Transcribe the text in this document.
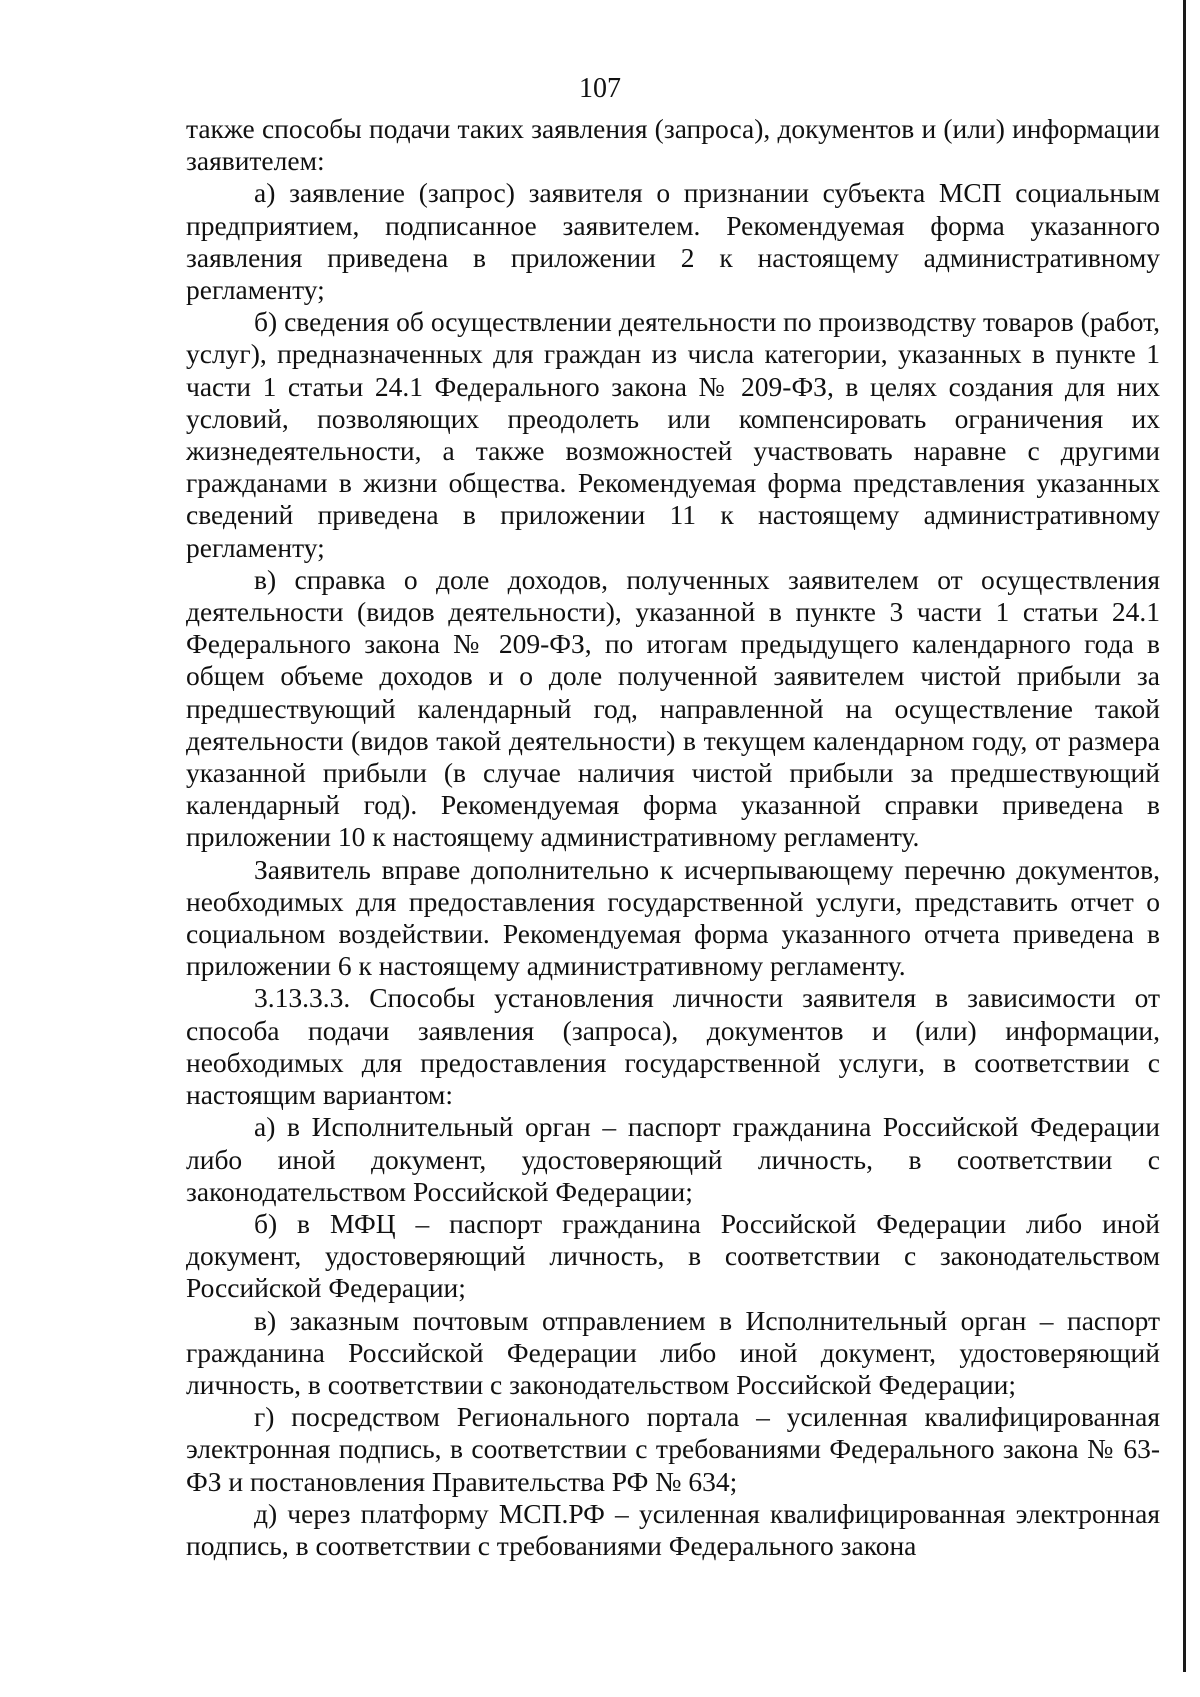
107

также способы подачи таких заявления (запроса), документов и (или) информации заявителем:

а) заявление (запрос) заявителя о признании субъекта МСП социальным предприятием, подписанное заявителем. Рекомендуемая форма указанного заявления приведена в приложении 2 к настоящему административному регламенту;

б) сведения об осуществлении деятельности по производству товаров (работ, услуг), предназначенных для граждан из числа категории, указанных в пункте 1 части 1 статьи 24.1 Федерального закона № 209-ФЗ, в целях создания для них условий, позволяющих преодолеть или компенсировать ограничения их жизнедеятельности, а также возможностей участвовать наравне с другими гражданами в жизни общества. Рекомендуемая форма представления указанных сведений приведена в приложении 11 к настоящему административному регламенту;

в) справка о доле доходов, полученных заявителем от осуществления деятельности (видов деятельности), указанной в пункте 3 части 1 статьи 24.1 Федерального закона № 209-ФЗ, по итогам предыдущего календарного года в общем объеме доходов и о доле полученной заявителем чистой прибыли за предшествующий календарный год, направленной на осуществление такой деятельности (видов такой деятельности) в текущем календарном году, от размера указанной прибыли (в случае наличия чистой прибыли за предшествующий календарный год). Рекомендуемая форма указанной справки приведена в приложении 10 к настоящему административному регламенту.

Заявитель вправе дополнительно к исчерпывающему перечню документов, необходимых для предоставления государственной услуги, представить отчет о социальном воздействии. Рекомендуемая форма указанного отчета приведена в приложении 6 к настоящему административному регламенту.

3.13.3.3. Способы установления личности заявителя в зависимости от способа подачи заявления (запроса), документов и (или) информации, необходимых для предоставления государственной услуги, в соответствии с настоящим вариантом:

а) в Исполнительный орган – паспорт гражданина Российской Федерации либо иной документ, удостоверяющий личность, в соответствии с законодательством Российской Федерации;

б) в МФЦ – паспорт гражданина Российской Федерации либо иной документ, удостоверяющий личность, в соответствии с законодательством Российской Федерации;

в) заказным почтовым отправлением в Исполнительный орган – паспорт гражданина Российской Федерации либо иной документ, удостоверяющий личность, в соответствии с законодательством Российской Федерации;

г) посредством Регионального портала – усиленная квалифицированная электронная подпись, в соответствии с требованиями Федерального закона № 63-ФЗ и постановления Правительства РФ № 634;

д) через платформу МСП.РФ – усиленная квалифицированная электронная подпись, в соответствии с требованиями Федерального закона
